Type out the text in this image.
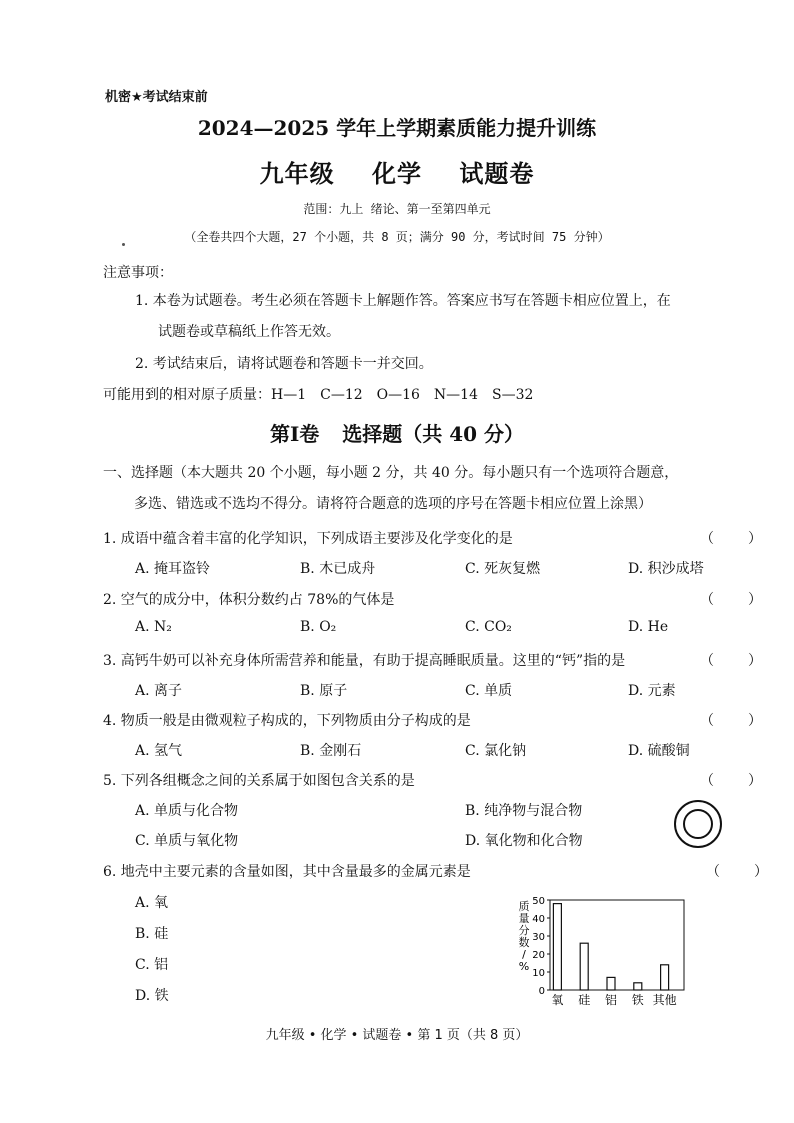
机密★考试结束前
2024—2025 学年上学期素质能力提升训练
九年级 化学 试题卷
范围：九上 绪论、第一至第四单元
（全卷共四个大题，27 个小题，共 8 页；满分 90 分，考试时间 75 分钟）
注意事项：
1. 本卷为试题卷。考生必须在答题卡上解题作答。答案应书写在答题卡相应位置上，在
试题卷或草稿纸上作答无效。
2. 考试结束后，请将试题卷和答题卡一并交回。
可能用到的相对原子质量：H—1　C—12　O—16　N—14　S—32
第Ⅰ卷 选择题（共 40 分）
一、选择题（本大题共 20 个小题，每小题 2 分，共 40 分。每小题只有一个选项符合题意，
多选、错选或不选均不得分。请将符合题意的选项的序号在答题卡相应位置上涂黑）
1. 成语中蕴含着丰富的化学知识，下列成语主要涉及化学变化的是	（ ）
A. 掩耳盗铃	B. 木已成舟	C. 死灰复燃	D. 积沙成塔
2. 空气的成分中，体积分数约占 78%的气体是	（ ）
A. N₂	B. O₂	C. CO₂	D. He
3. 高钙牛奶可以补充身体所需营养和能量，有助于提高睡眠质量。这里的“钙”指的是	（ ）
A. 离子	B. 原子	C. 单质	D. 元素
4. 物质一般是由微观粒子构成的，下列物质由分子构成的是	（ ）
A. 氢气	B. 金刚石	C. 氯化钠	D. 硫酸铜
5. 下列各组概念之间的关系属于如图包含关系的是	（ ）
A. 单质与化合物	B. 纯净物与混合物
C. 单质与氧化物	D. 氧化物和化合物
6. 地壳中主要元素的含量如图，其中含量最多的金属元素是	（ ）
A. 氧
B. 硅
C. 铝
D. 铁	0
10
20
30
40
50
质
量
分
数
/
%
氧 硅 铝 铁 其他
九年级 • 化学 • 试题卷 • 第 1 页（共 8 页）
